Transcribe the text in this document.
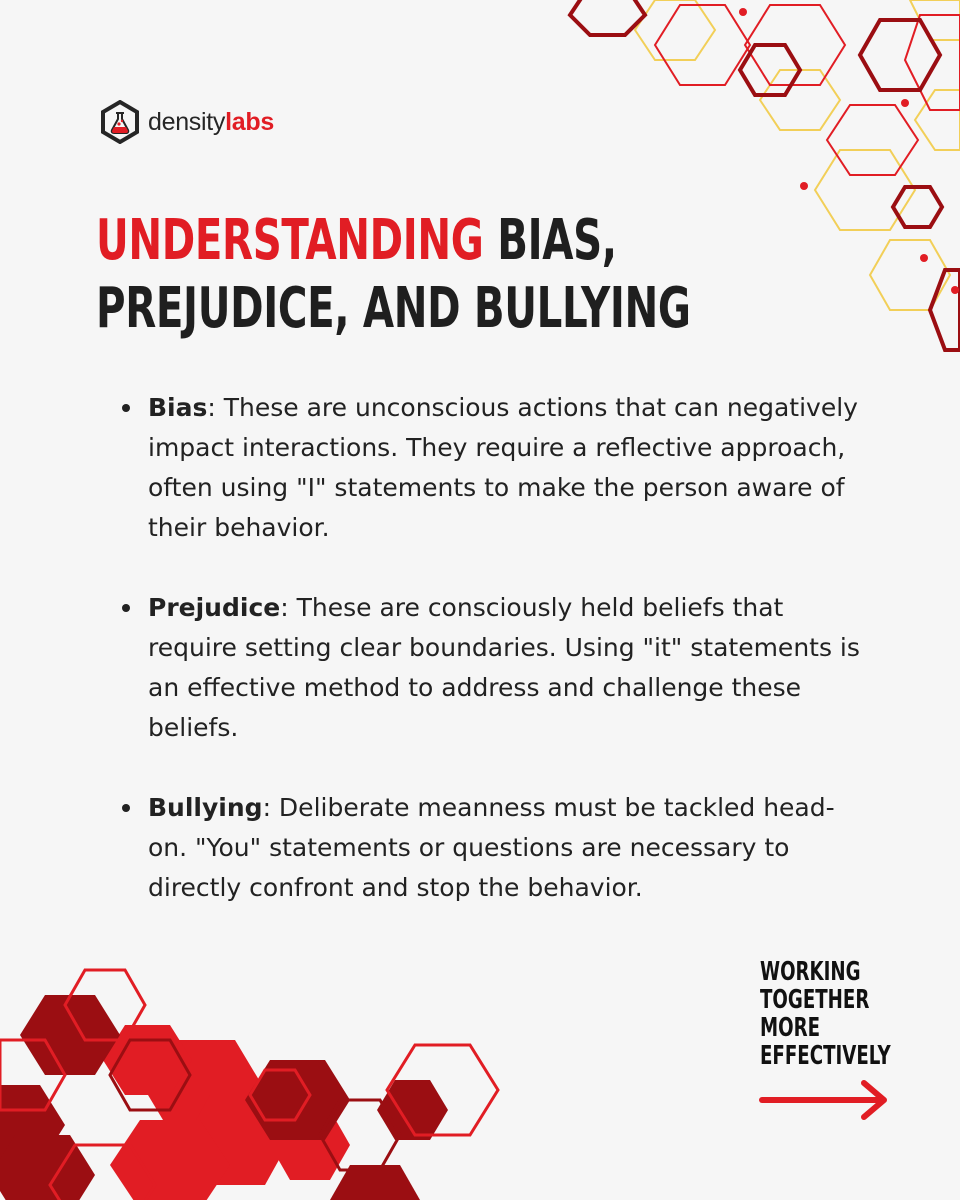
densitylabs
UNDERSTANDING BIAS,
PREJUDICE, AND BULLYING
Bias: These are unconscious actions that can negatively impact interactions. They require a reflective approach, often using "I" statements to make the person aware of their behavior.
Prejudice: These are consciously held beliefs that require setting clear boundaries. Using "it" statements is an effective method to address and challenge these beliefs.
Bullying: Deliberate meanness must be tackled head-on. "You" statements or questions are necessary to directly confront and stop the behavior.
WORKING
TOGETHER
MORE
EFFECTIVELY
